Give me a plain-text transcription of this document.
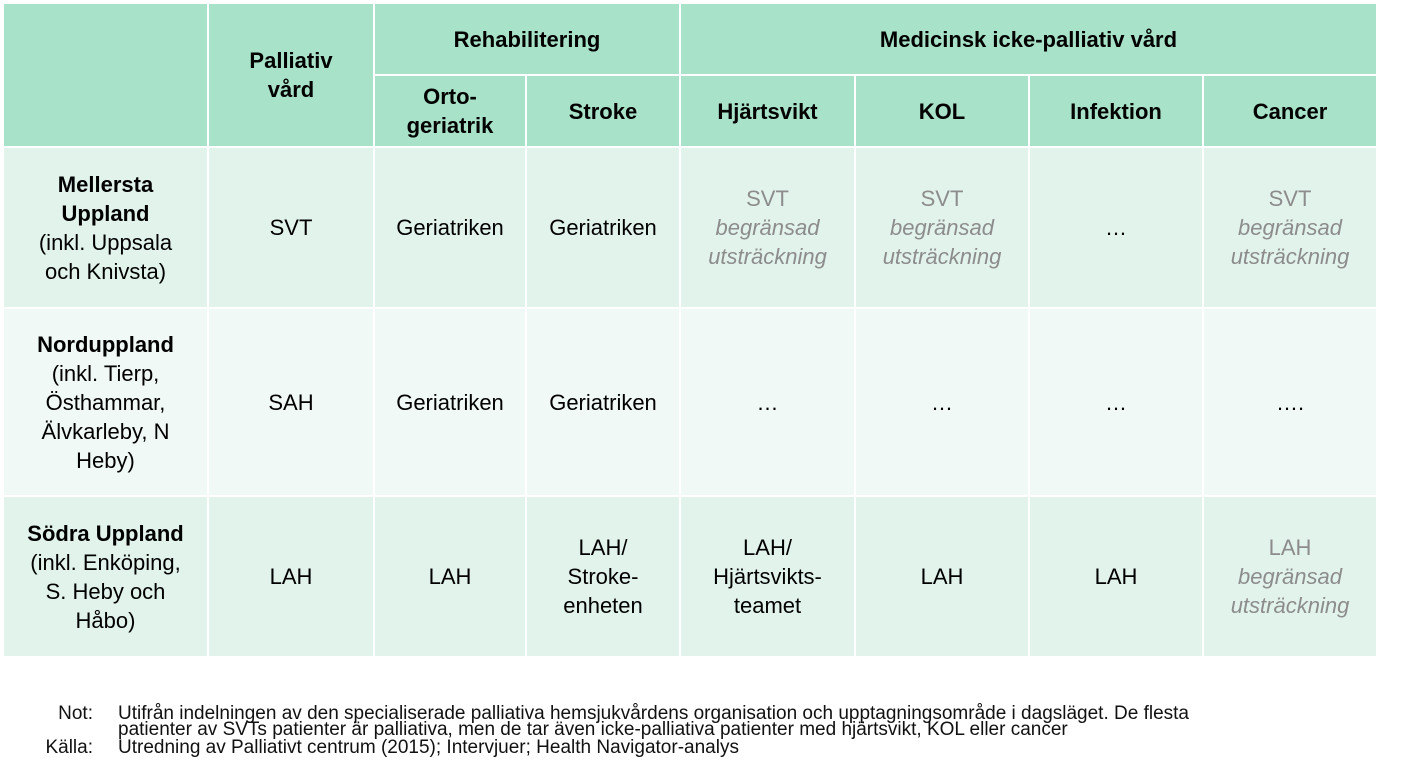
	Palliativ vård	Rehabilitering		Medicinsk icke-palliativ vård			

		Orto-
geriatrik	Stroke	Hjärtsvikt	KOL	Infektion	Cancer

Mellersta
Uppland
(inkl. Uppsala
och Knivsta)	SVT	Geriatriken	Geriatriken	SVT
begränsad
utsträckning	SVT
begränsad
utsträckning	…	SVT
begränsad
utsträckning

Norduppland
(inkl. Tierp,
Östhammar,
Älvkarleby, N
Heby)	SAH	Geriatriken	Geriatriken	…	…	…	….

Södra Uppland
(inkl. Enköping,
S. Heby och
Håbo)	LAH	LAH	LAH/
Stroke-
enheten	LAH/
Hjärtsvikts-
teamet	LAH	LAH	LAH
begränsad
utsträckning
Not: Utifrån indelningen av den specialiserade palliativa hemsjukvårdens organisation och upptagningsområde i dagsläget. De flesta
patienter av SVTs patienter är palliativa, men de tar även icke-palliativa patienter med hjärtsvikt, KOL eller cancer
Källa: Utredning av Palliativt centrum (2015); Intervjuer; Health Navigator-analys
